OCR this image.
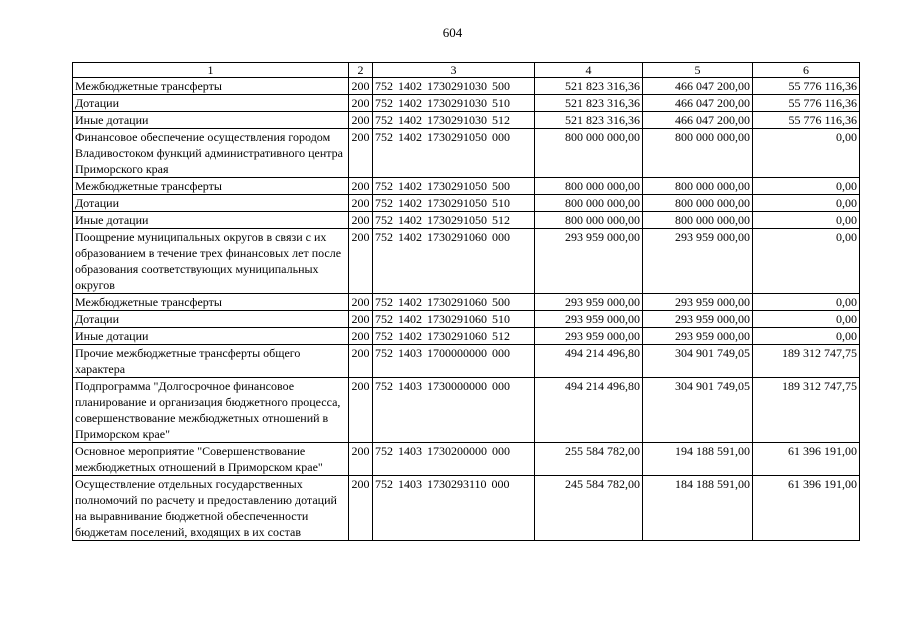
604
1	2	3	4	5	6
Межбюджетные трансферты	200	752 1402 1730291030 500	521 823 316,36	466 047 200,00	55 776 116,36
Дотации	200	752 1402 1730291030 510	521 823 316,36	466 047 200,00	55 776 116,36
Иные дотации	200	752 1402 1730291030 512	521 823 316,36	466 047 200,00	55 776 116,36
Финансовое обеспечение осуществления городом Владивостоком функций административного центра Приморского края	200	752 1402 1730291050 000	800 000 000,00	800 000 000,00	0,00
Межбюджетные трансферты	200	752 1402 1730291050 500	800 000 000,00	800 000 000,00	0,00
Дотации	200	752 1402 1730291050 510	800 000 000,00	800 000 000,00	0,00
Иные дотации	200	752 1402 1730291050 512	800 000 000,00	800 000 000,00	0,00
Поощрение муниципальных округов в связи с их образованием в течение трех финансовых лет после образования соответствующих муниципальных округов	200	752 1402 1730291060 000	293 959 000,00	293 959 000,00	0,00
Межбюджетные трансферты	200	752 1402 1730291060 500	293 959 000,00	293 959 000,00	0,00
Дотации	200	752 1402 1730291060 510	293 959 000,00	293 959 000,00	0,00
Иные дотации	200	752 1402 1730291060 512	293 959 000,00	293 959 000,00	0,00
Прочие межбюджетные трансферты общего характера	200	752 1403 1700000000 000	494 214 496,80	304 901 749,05	189 312 747,75
Подпрограмма "Долгосрочное финансовое планирование и организация бюджетного процесса, совершенствование межбюджетных отношений в Приморском крае"	200	752 1403 1730000000 000	494 214 496,80	304 901 749,05	189 312 747,75
Основное мероприятие "Совершенствование межбюджетных отношений в Приморском крае"	200	752 1403 1730200000 000	255 584 782,00	194 188 591,00	61 396 191,00
Осуществление отдельных государственных полномочий по расчету и предоставлению дотаций на выравнивание бюджетной обеспеченности бюджетам поселений, входящих в их состав	200	752 1403 1730293110 000	245 584 782,00	184 188 591,00	61 396 191,00
